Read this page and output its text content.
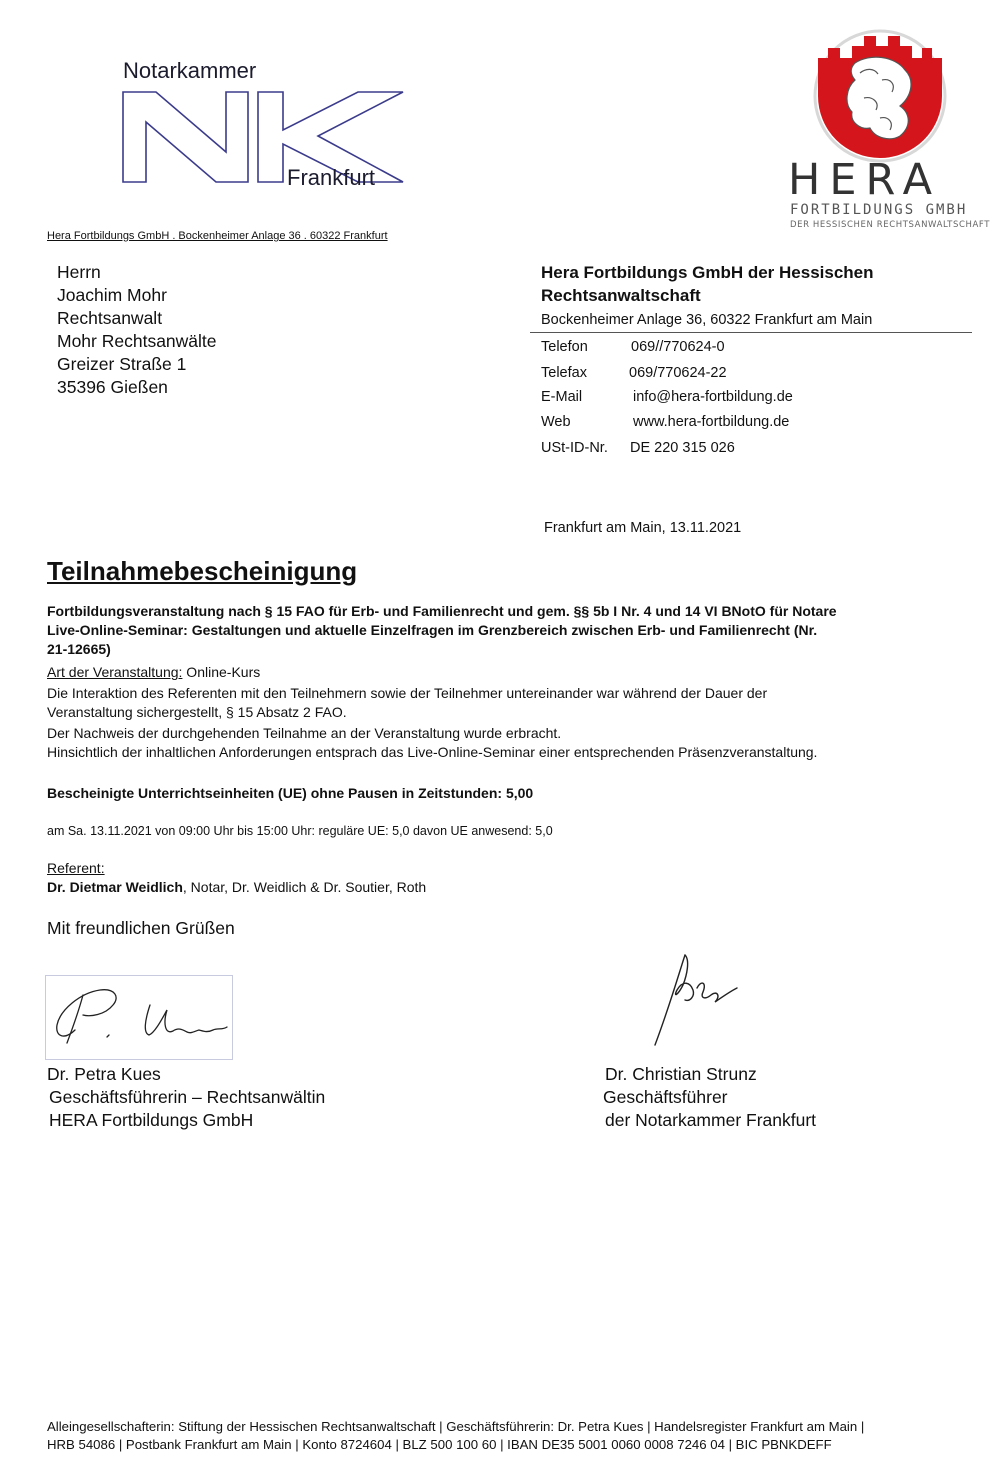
Notarkammer
Frankfurt	HERA
FORTBILDUNGS GMBH
DER HESSISCHEN RECHTSANWALTSCHAFT
Hera Fortbildungs GmbH . Bockenheimer Anlage 36 . 60322 Frankfurt
Herrn
Joachim Mohr
Rechtsanwalt
Mohr Rechtsanwälte
Greizer Straße 1
35396 Gießen
Hera Fortbildungs GmbH der Hessischen
Rechtsanwaltschaft
Bockenheimer Anlage 36, 60322 Frankfurt am Main
Telefon	069//770624-0
Telefax	069/770624-22
E-Mail	info@hera-fortbildung.de
Web	www.hera-fortbildung.de
USt-ID-Nr. DE 220 315 026
Frankfurt am Main, 13.11.2021
Teilnahmebescheinigung
Fortbildungsveranstaltung nach § 15 FAO für Erb- und Familienrecht und gem. §§ 5b I Nr. 4 und 14 VI BNotO für Notare
Live-Online-Seminar: Gestaltungen und aktuelle Einzelfragen im Grenzbereich zwischen Erb- und Familienrecht (Nr.
21-12665)
Art der Veranstaltung: Online-Kurs
Die Interaktion des Referenten mit den Teilnehmern sowie der Teilnehmer untereinander war während der Dauer der
Veranstaltung sichergestellt, § 15 Absatz 2 FAO.
Der Nachweis der durchgehenden Teilnahme an der Veranstaltung wurde erbracht.
Hinsichtlich der inhaltlichen Anforderungen entsprach das Live-Online-Seminar einer entsprechenden Präsenzveranstaltung.
Bescheinigte Unterrichtseinheiten (UE) ohne Pausen in Zeitstunden: 5,00
am Sa. 13.11.2021 von 09:00 Uhr bis 15:00 Uhr: reguläre UE: 5,0 davon UE anwesend: 5,0
Referent:
Dr. Dietmar Weidlich, Notar, Dr. Weidlich & Dr. Soutier, Roth
Mit freundlichen Grüßen
Dr. Petra Kues
Geschäftsführerin – Rechtsanwältin
HERA Fortbildungs GmbH
Dr. Christian Strunz
Geschäftsführer
der Notarkammer Frankfurt
Alleingesellschafterin: Stiftung der Hessischen Rechtsanwaltschaft | Geschäftsführerin: Dr. Petra Kues | Handelsregister Frankfurt am Main |
HRB 54086 | Postbank Frankfurt am Main | Konto 8724604 | BLZ 500 100 60 | IBAN DE35 5001 0060 0008 7246 04 | BIC PBNKDEFF
